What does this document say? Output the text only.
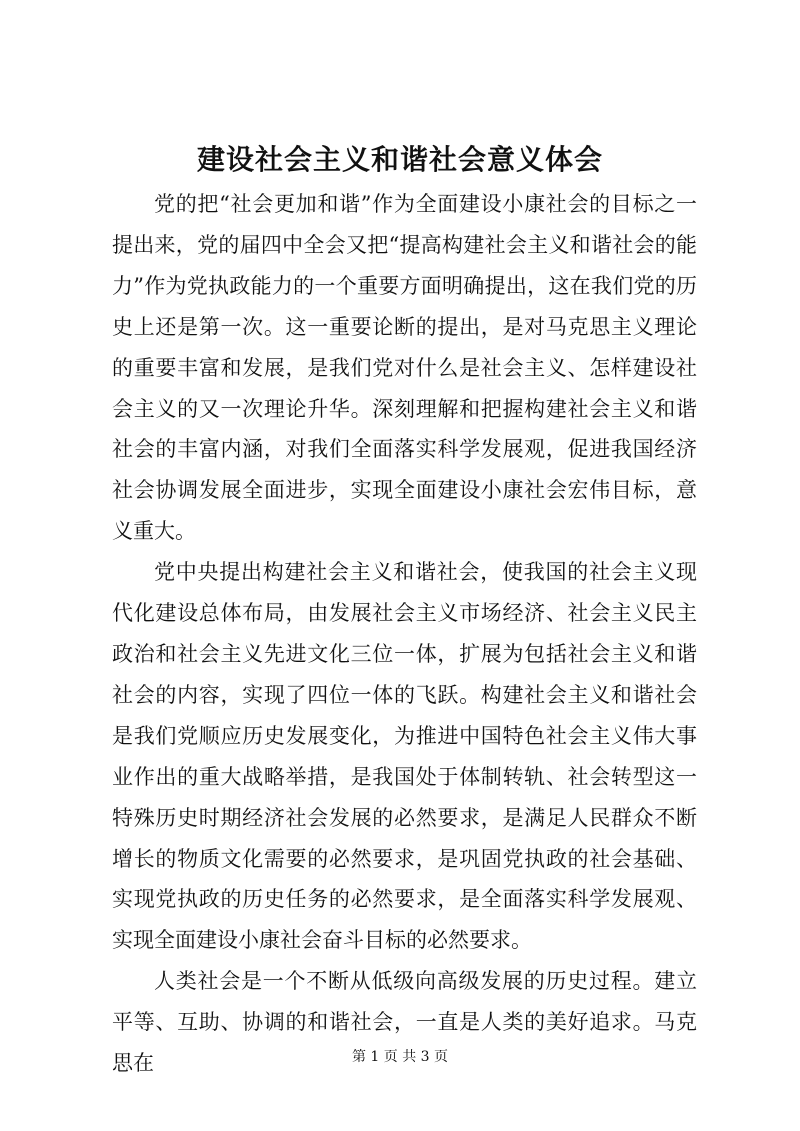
建设社会主义和谐社会意义体会

党的把“社会更加和谐”作为全面建设小康社会的目标之一提出来，党的届四中全会又把“提高构建社会主义和谐社会的能力”作为党执政能力的一个重要方面明确提出，这在我们党的历史上还是第一次。这一重要论断的提出，是对马克思主义理论的重要丰富和发展，是我们党对什么是社会主义、怎样建设社会主义的又一次理论升华。深刻理解和把握构建社会主义和谐社会的丰富内涵，对我们全面落实科学发展观，促进我国经济社会协调发展全面进步，实现全面建设小康社会宏伟目标，意义重大。

党中央提出构建社会主义和谐社会，使我国的社会主义现代化建设总体布局，由发展社会主义市场经济、社会主义民主政治和社会主义先进文化三位一体，扩展为包括社会主义和谐社会的内容，实现了四位一体的飞跃。构建社会主义和谐社会是我们党顺应历史发展变化，为推进中国特色社会主义伟大事业作出的重大战略举措，是我国处于体制转轨、社会转型这一特殊历史时期经济社会发展的必然要求，是满足人民群众不断增长的物质文化需要的必然要求，是巩固党执政的社会基础、实现党执政的历史任务的必然要求，是全面落实科学发展观、实现全面建设小康社会奋斗目标的必然要求。

人类社会是一个不断从低级向高级发展的历史过程。建立平等、互助、协调的和谐社会，一直是人类的美好追求。马克思在	第 1 页 共 3 页
